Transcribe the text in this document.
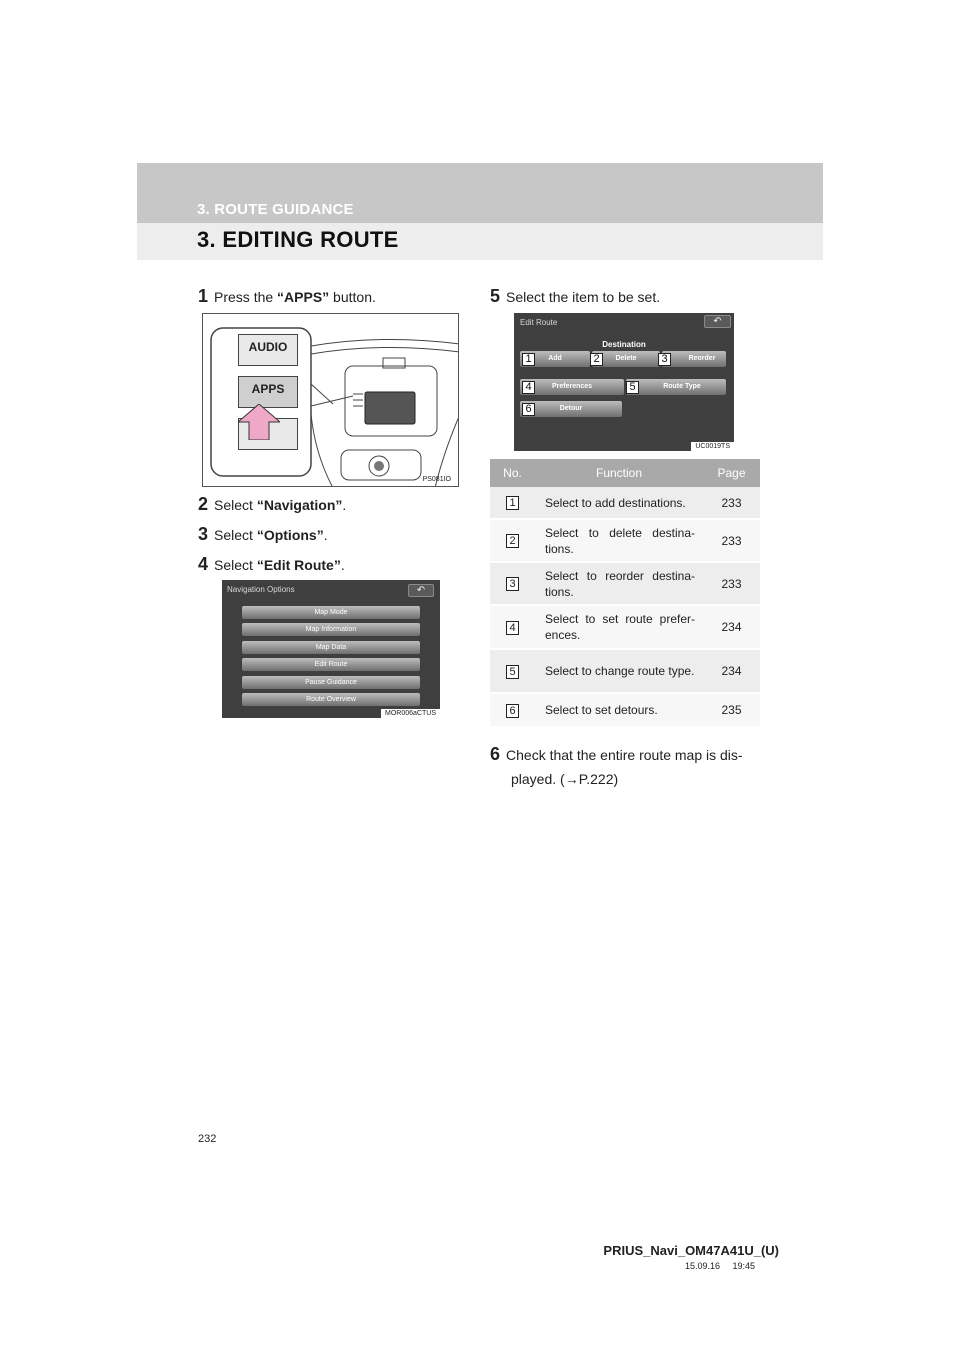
3. ROUTE GUIDANCE
3. EDITING ROUTE
1 Press the “APPS” button.
AUDIO
APPS
PS081IO
2 Select “Navigation”.
3 Select “Options”.
4 Select “Edit Route”.
Navigation Options	↶
Map Mode
Map Information
Map Data
Edit Route
Pause Guidance
Route Overview
MOR006aCTUS
5 Select the item to be set.
Edit Route	↶
Destination
Add	Delete	Reorder
Preferences	Route Type
Detour
1	2	3
4	5
6
UC0019TS
No.	Function	Page
1	Select to add destinations.	233
2	Select to delete destina-tions.	233
3	Select to reorder destina-tions.	233
4	Select to set route prefer-ences.	234
5	Select to change route type.	234
6	Select to set detours.	235
6 Check that the entire route map is dis-
played. (→P.222)
232
PRIUS_Navi_OM47A41U_(U)
15.09.16     19:45
